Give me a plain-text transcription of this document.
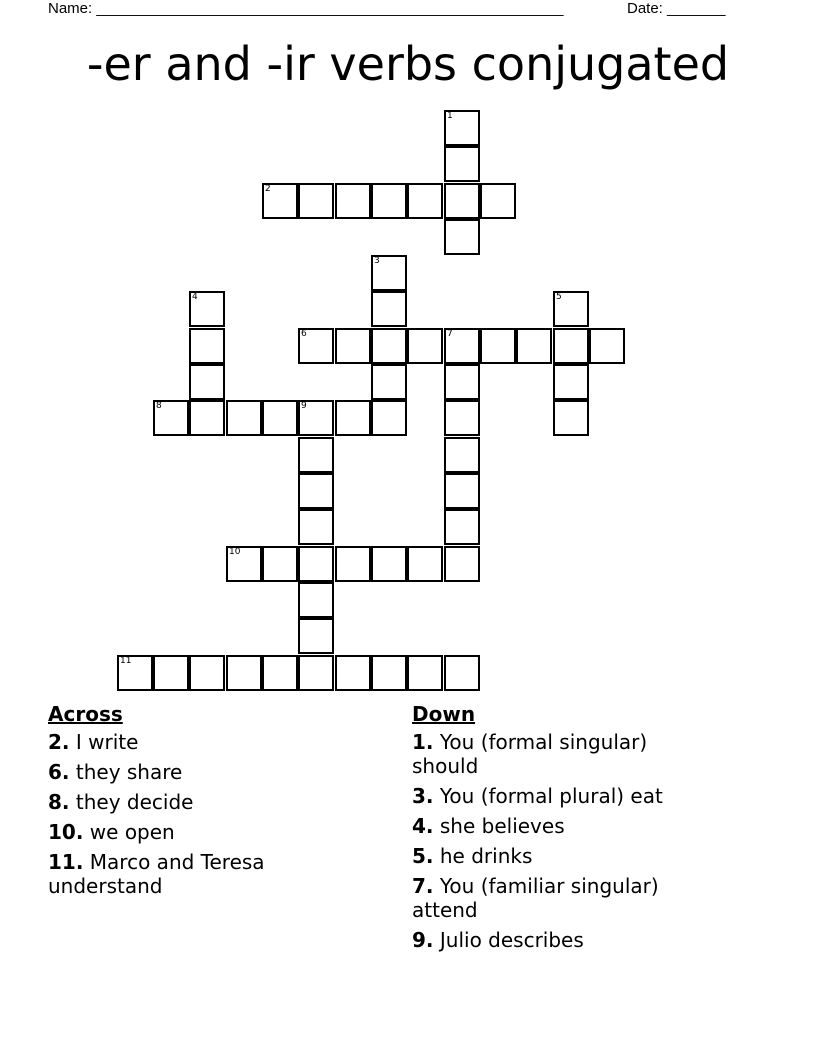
Name: ________________________________________________________	Date: _______
-er and -ir verbs conjugated
1
2
3
4	5
6	7
8	9
10
11
Across
2. I write
6. they share
8. they decide
10. we open
11. Marco and Teresa understand
Down
1. You (formal singular) should
3. You (formal plural) eat
4. she believes
5. he drinks
7. You (familiar singular) attend
9. Julio describes
